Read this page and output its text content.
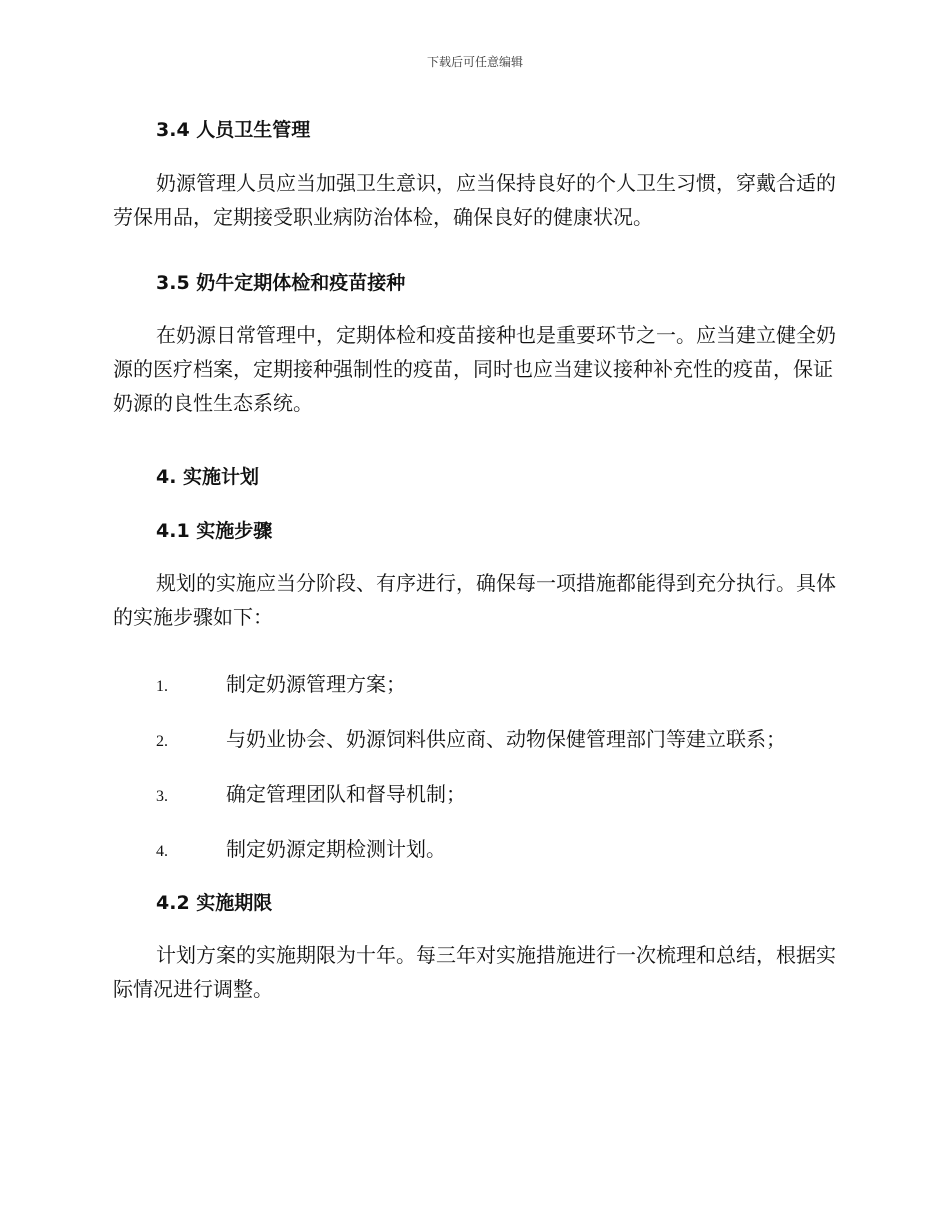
下载后可任意编辑
3.4 人员卫生管理

奶源管理人员应当加强卫生意识，应当保持良好的个人卫生习惯，穿戴合适的劳保用品，定期接受职业病防治体检，确保良好的健康状况。

3.5 奶牛定期体检和疫苗接种

在奶源日常管理中，定期体检和疫苗接种也是重要环节之一。应当建立健全奶源的医疗档案，定期接种强制性的疫苗，同时也应当建议接种补充性的疫苗，保证奶源的良性生态系统。

4. 实施计划
4.1 实施步骤

规划的实施应当分阶段、有序进行，确保每一项措施都能得到充分执行。具体的实施步骤如下：

1.	制定奶源管理方案；
2.	与奶业协会、奶源饲料供应商、动物保健管理部门等建立联系；
3.	确定管理团队和督导机制；
4.	制定奶源定期检测计划。
4.2 实施期限

计划方案的实施期限为十年。每三年对实施措施进行一次梳理和总结，根据实际情况进行调整。
